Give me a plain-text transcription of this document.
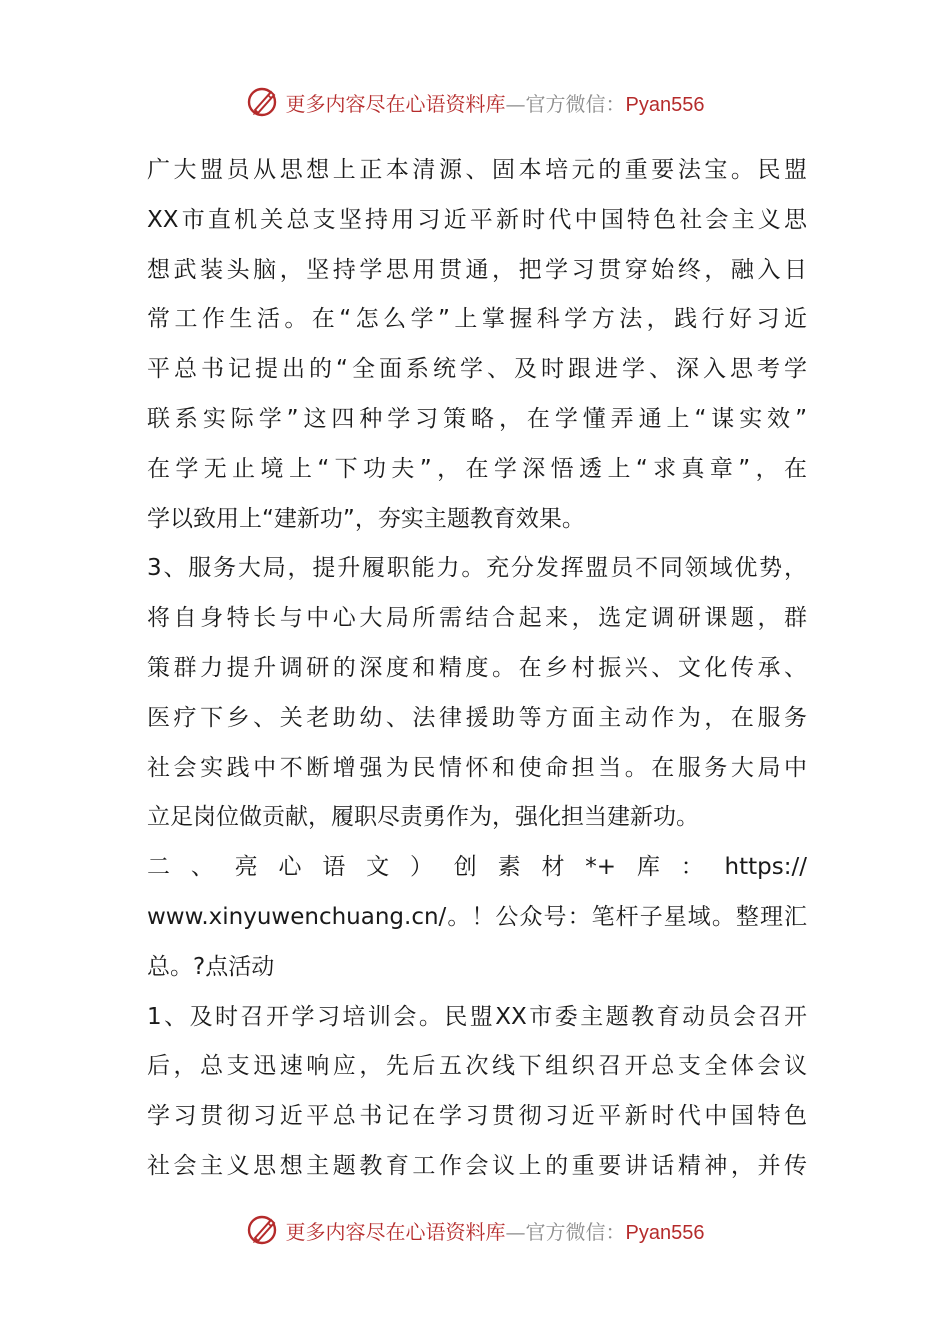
更多内容尽在心语资料库—官方微信：Pyan556
广大盟员从思想上正本清源、固本培元的重要法宝。民盟
XX市直机关总支坚持用习近平新时代中国特色社会主义思
想武装头脑，坚持学思用贯通，把学习贯穿始终，融入日
常工作生活。在“怎么学”上掌握科学方法，践行好习近
平总书记提出的“全面系统学、及时跟进学、深入思考学
联系实际学”这四种学习策略，在学懂弄通上“谋实效”
在学无止境上“下功夫”，在学深悟透上“求真章”，在
学以致用上“建新功”，夯实主题教育效果。
3、服务大局，提升履职能力。充分发挥盟员不同领域优势，
将自身特长与中心大局所需结合起来，选定调研课题，群
策群力提升调研的深度和精度。在乡村振兴、文化传承、
医疗下乡、关老助幼、法律援助等方面主动作为，在服务
社会实践中不断增强为民情怀和使命担当。在服务大局中
立足岗位做贡献，履职尽责勇作为，强化担当建新功。
二、亮心语文）创素材*+库：https://
www.xinyuwenchuang.cn/。！公众号：笔杆子星域。整理汇
总。?点活动
1、及时召开学习培训会。民盟XX市委主题教育动员会召开
后，总支迅速响应，先后五次线下组织召开总支全体会议
学习贯彻习近平总书记在学习贯彻习近平新时代中国特色
社会主义思想主题教育工作会议上的重要讲话精神，并传
更多内容尽在心语资料库—官方微信：Pyan556
